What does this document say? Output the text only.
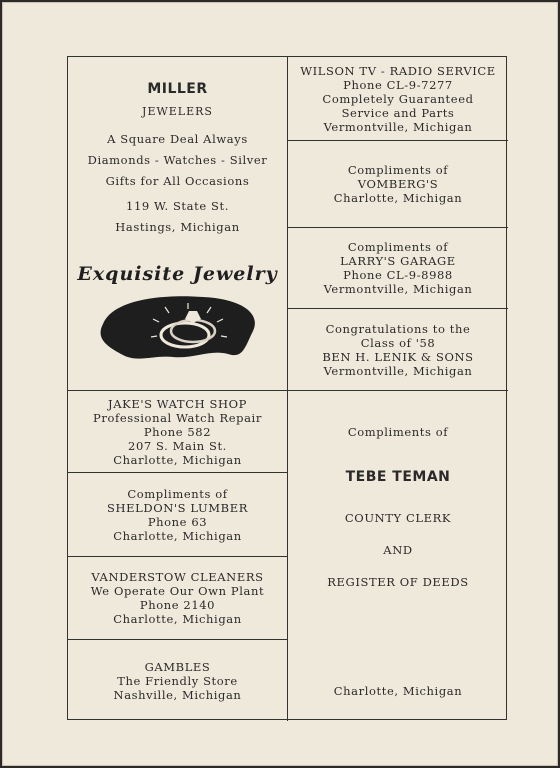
MILLER
JEWELERS
A Square Deal Always
Diamonds - Watches - Silver
Gifts for All Occasions
119 W. State St.
Hastings, Michigan
Exquisite Jewelry
JAKE'S WATCH SHOP
Professional Watch Repair
Phone 582
207 S. Main St.
Charlotte, Michigan
Compliments of
SHELDON'S LUMBER
Phone 63
Charlotte, Michigan
VANDERSTOW CLEANERS
We Operate Our Own Plant
Phone 2140
Charlotte, Michigan
GAMBLES
The Friendly Store
Nashville, Michigan
WILSON TV - RADIO SERVICE
Phone CL-9-7277
Completely Guaranteed
Service and Parts
Vermontville, Michigan
Compliments of
VOMBERG'S
Charlotte, Michigan
Compliments of
LARRY'S GARAGE
Phone CL-9-8988
Vermontville, Michigan
Congratulations to the
Class of '58
BEN H. LENIK & SONS
Vermontville, Michigan
Compliments of
TEBE TEMAN
COUNTY CLERK
AND
REGISTER OF DEEDS
Charlotte, Michigan
